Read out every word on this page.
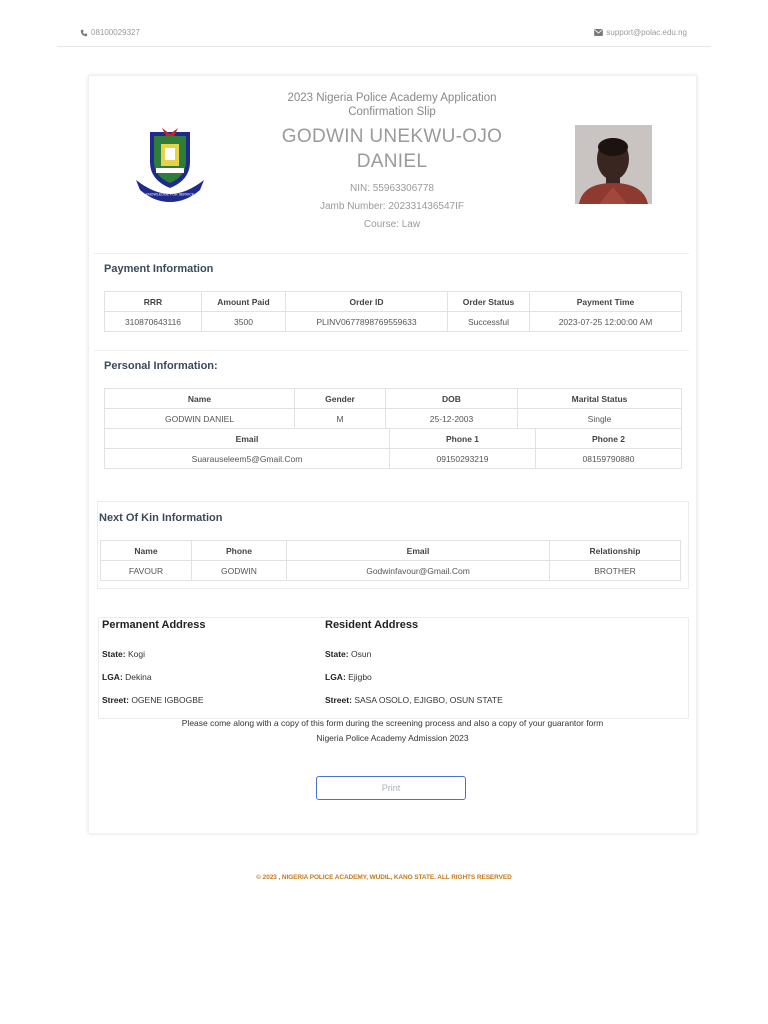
08100029327	support@polac.edu.ng
KNOWLEDGE FOR SERVICE
2023 Nigeria Police Academy Application
Confirmation Slip
GODWIN UNEKWU-OJO
DANIEL
NIN: 55963306778
Jamb Number: 202331436547IF
Course: Law
Payment Information
RRR	Amount Paid	Order ID	Order Status	Payment Time
310870643116	3500	PLINV0677898769559633	Successful	2023-07-25 12:00:00 AM
Personal Information:
Name	Gender	DOB	Marital Status
GODWIN DANIEL	M	25-12-2003	Single
Email	Phone 1	Phone 2
Suarauseleem5@Gmail.Com	09150293219	08159790880
Next Of Kin Information
Name	Phone	Email	Relationship
FAVOUR	GODWIN	Godwinfavour@Gmail.Com	BROTHER
Permanent Address	Resident Address
State: Kogi
LGA: Dekina
Street: OGENE IGBOGBE
State: Osun
LGA: Ejigbo
Street: SASA OSOLO, EJIGBO, OSUN STATE
Please come along with a copy of this form during the screening process and also a copy of your guarantor form
Nigeria Police Academy Admission 2023
Print
© 2023 , NIGERIA POLICE ACADEMY, WUDIL, KANO STATE. ALL RIGHTS RESERVED
